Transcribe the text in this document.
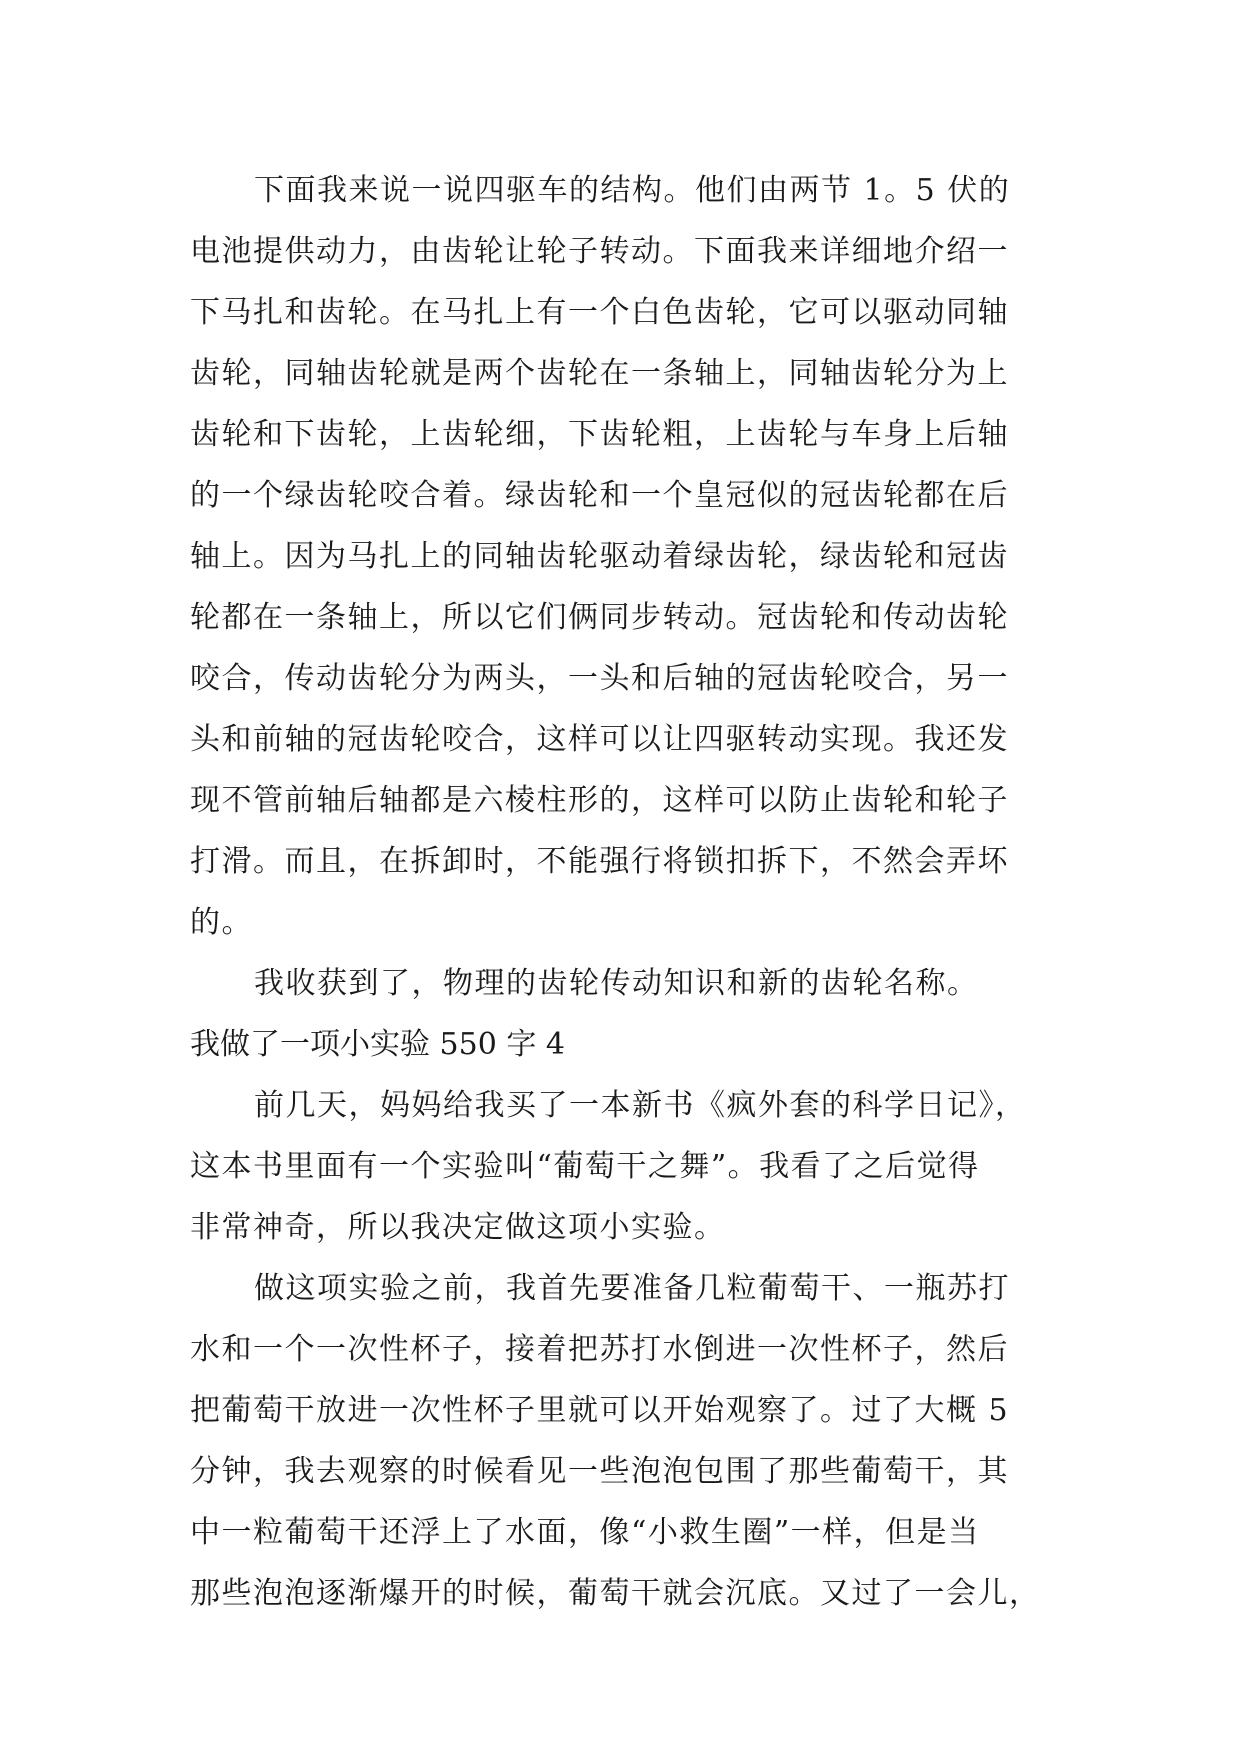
下面我来说一说四驱车的结构。他们由两节 1。5 伏的
电池提供动力，由齿轮让轮子转动。下面我来详细地介绍一
下马扎和齿轮。在马扎上有一个白色齿轮，它可以驱动同轴
齿轮，同轴齿轮就是两个齿轮在一条轴上，同轴齿轮分为上
齿轮和下齿轮，上齿轮细，下齿轮粗，上齿轮与车身上后轴
的一个绿齿轮咬合着。绿齿轮和一个皇冠似的冠齿轮都在后
轴上。因为马扎上的同轴齿轮驱动着绿齿轮，绿齿轮和冠齿
轮都在一条轴上，所以它们俩同步转动。冠齿轮和传动齿轮
咬合，传动齿轮分为两头，一头和后轴的冠齿轮咬合，另一
头和前轴的冠齿轮咬合，这样可以让四驱转动实现。我还发
现不管前轴后轴都是六棱柱形的，这样可以防止齿轮和轮子
打滑。而且，在拆卸时，不能强行将锁扣拆下，不然会弄坏
的。
我收获到了，物理的齿轮传动知识和新的齿轮名称。
我做了一项小实验 550 字 4
前几天，妈妈给我买了一本新书《疯外套的科学日记》，
这本书里面有一个实验叫“葡萄干之舞”。我看了之后觉得
非常神奇，所以我决定做这项小实验。
做这项实验之前，我首先要准备几粒葡萄干、一瓶苏打
水和一个一次性杯子，接着把苏打水倒进一次性杯子，然后
把葡萄干放进一次性杯子里就可以开始观察了。过了大概 5
分钟，我去观察的时候看见一些泡泡包围了那些葡萄干，其
中一粒葡萄干还浮上了水面，像“小救生圈”一样，但是当
那些泡泡逐渐爆开的时候，葡萄干就会沉底。又过了一会儿，
